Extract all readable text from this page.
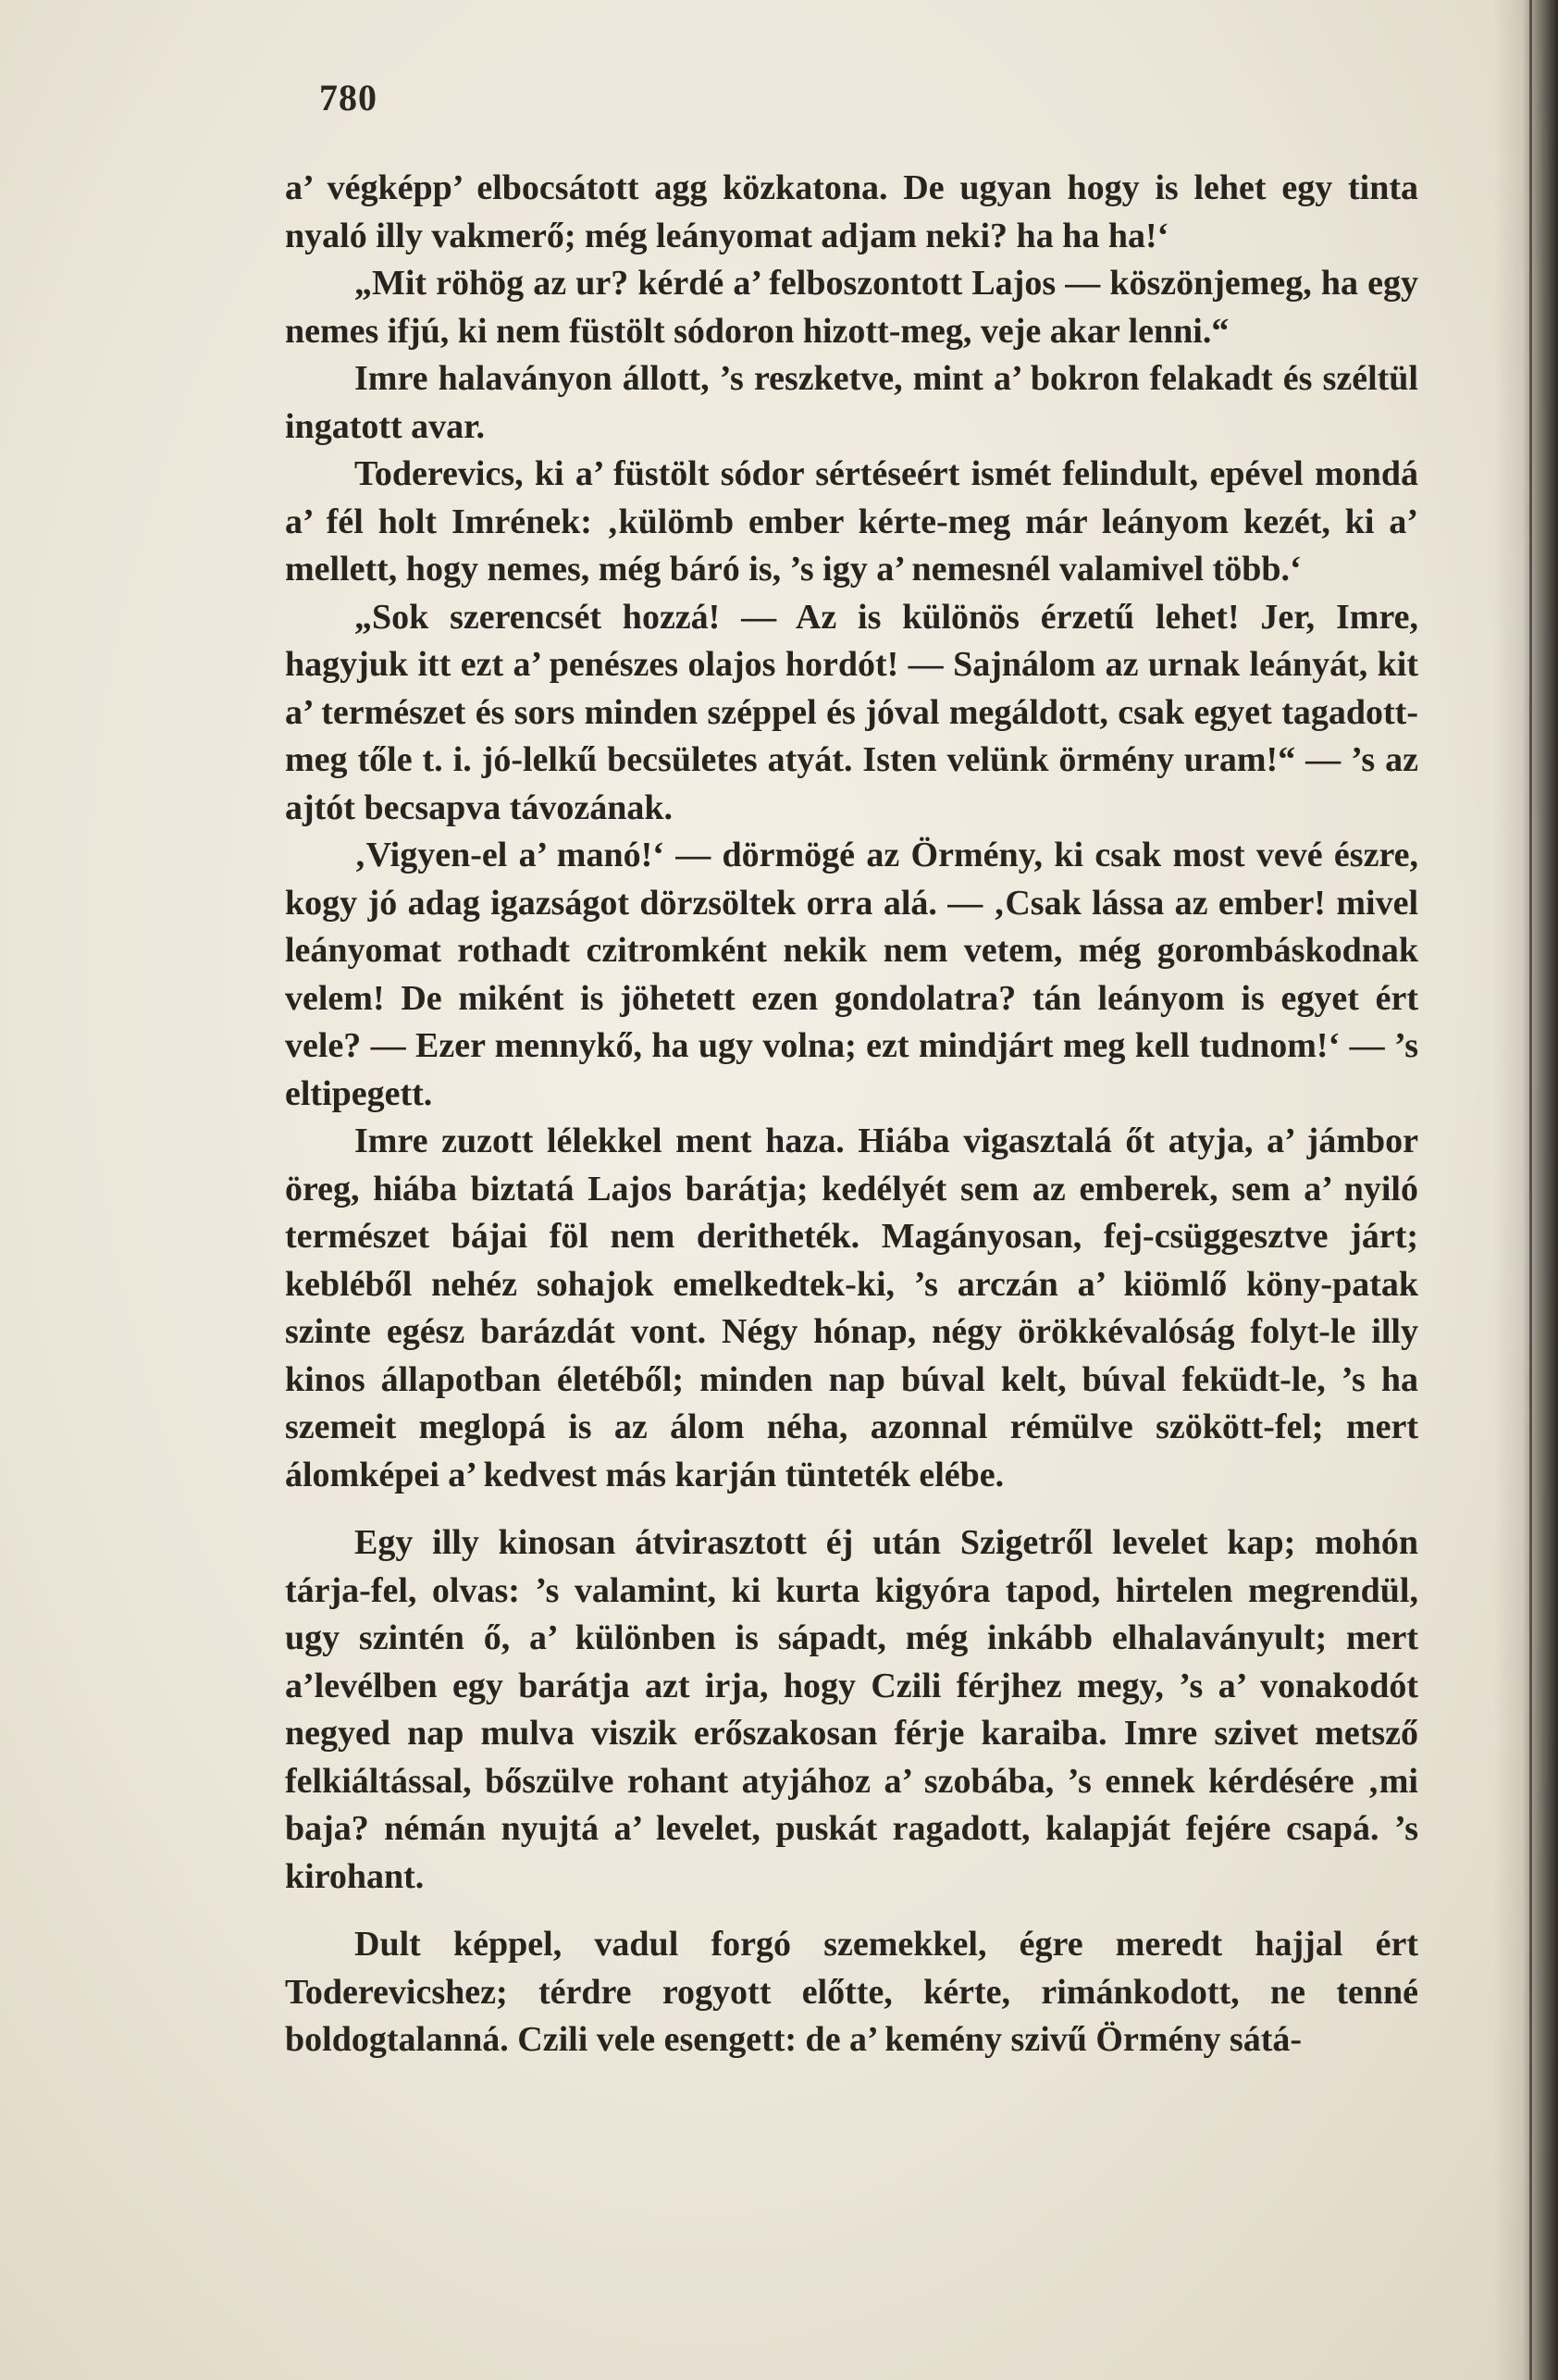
780

a’ végképp’ elbocsátott agg közkatona. De ugyan hogy is lehet egy tinta nyaló illy vakmerő; még leányomat adjam neki? ha ha ha!‘

„Mit röhög az ur? kérdé a’ felboszontott Lajos — köszönjemeg, ha egy nemes ifjú, ki nem füstölt sódoron hizott-meg, veje akar lenni.“

Imre halaványon állott, ’s reszketve, mint a’ bokron felakadt és széltül ingatott avar.

Toderevics, ki a’ füstölt sódor sértéseért ismét felindult, epével mondá a’ fél holt Imrének: ‚külömb ember kérte-meg már leányom kezét, ki a’ mellett, hogy nemes, még báró is, ’s igy a’ nemesnél valamivel több.‘

„Sok szerencsét hozzá! — Az is különös érzetű lehet! Jer, Imre, hagyjuk itt ezt a’ penészes olajos hordót! — Sajnálom az urnak leányát, kit a’ természet és sors minden széppel és jóval megáldott, csak egyet tagadott-meg tőle t. i. jó-lelkű becsületes atyát. Isten velünk örmény uram!“ — ’s az ajtót becsapva távozának.

‚Vigyen-el a’ manó!‘ — dörmögé az Örmény, ki csak most vevé észre, kogy jó adag igazságot dörzsöltek orra alá. — ‚Csak lássa az ember! mivel leányomat rothadt czitromként nekik nem vetem, még gorombáskodnak velem! De miként is jöhetett ezen gondolatra? tán leányom is egyet ért vele? — Ezer mennykő, ha ugy volna; ezt mindjárt meg kell tudnom!‘ — ’s eltipegett.

Imre zuzott lélekkel ment haza. Hiába vigasztalá őt atyja, a’ jámbor öreg, hiába biztatá Lajos barátja; kedélyét sem az emberek, sem a’ nyiló természet bájai föl nem deritheték. Magányosan, fej-csüggesztve járt; kebléből nehéz sohajok emelkedtek-ki, ’s arczán a’ kiömlő köny-patak szinte egész barázdát vont. Négy hónap, négy örökkévalóság folyt-le illy kinos állapotban életéből; minden nap búval kelt, búval feküdt-le, ’s ha szemeit meglopá is az álom néha, azonnal rémülve szökött-fel; mert álomképei a’ kedvest más karján tünteték elébe.

Egy illy kinosan átvirasztott éj után Szigetről levelet kap; mohón tárja-fel, olvas: ’s valamint, ki kurta kigyóra tapod, hirtelen megrendül, ugy szintén ő, a’ különben is sápadt, még inkább elhalaványult; mert a’levélben egy barátja azt irja, hogy Czili férjhez megy, ’s a’ vonakodót negyed nap mulva viszik erőszakosan férje karaiba. Imre szivet metsző felkiáltással, bőszülve rohant atyjához a’ szobába, ’s ennek kérdésére ‚mi baja? némán nyujtá a’ levelet, puskát ragadott, kalapját fejére csapá. ’s kirohant.

Dult képpel, vadul forgó szemekkel, égre meredt hajjal ért Toderevicshez; térdre rogyott előtte, kérte, rimánkodott, ne tenné boldogtalanná. Czili vele esengett: de a’ kemény szivű Örmény sátá-
